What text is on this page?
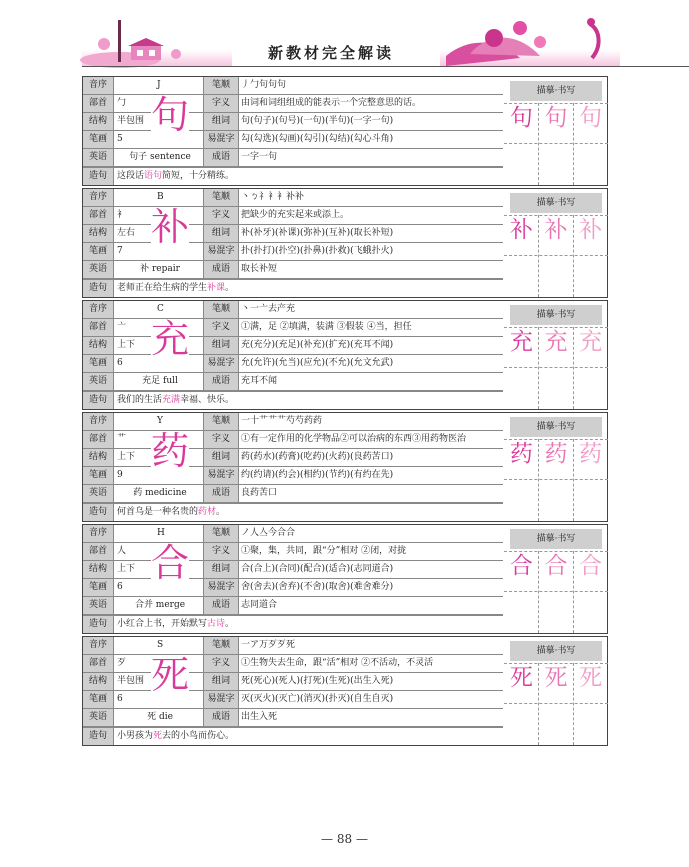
新教材完全解读
音序	J	笔顺	丿勹句句句
部首	勹	字义	由词和词组组成的能表示一个完整意思的话。
结构	半包围	组词	句(句子)(句号)(一句)(半句)(一字一句)
笔画	5	易混字 勾(勾选)(勾画)(勾引)(勾结)(勾心斗角)
英语	句子 sentence	成语	一字一句
句
造句	这段话语句简短，十分精练。
描摹·书写
句 句 句
音序	B	笔顺	丶ㄅ礻衤衤补补
部首	衤	字义	把缺少的充实起来或添上。
结构	左右	组词	补(补牙)(补课)(弥补)(互补)(取长补短)
笔画	7	易混字 扑(扑打)(扑空)(扑鼻)(扑救)(飞蛾扑火)
英语	补 repair	成语	取长补短
补
造句	老师正在给生病的学生补课。
描摹·书写
补 补 补
音序	C	笔顺	丶一亠去产充
部首	亠	字义	①满，足 ②填满，装满 ③假装 ④当，担任
结构	上下	组词	充(充分)(充足)(补充)(扩充)(充耳不闻)
笔画	6	易混字 允(允许)(允当)(应允)(不允)(允文允武)
英语	充足 full	成语	充耳不闻
充
造句	我们的生活充满幸福、快乐。
描摹·书写
充 充 充
音序	Y	笔顺	一十艹艹艹芍芍药药
部首	艹	字义	①有一定作用的化学物品②可以治病的东西③用药物医治
结构	上下	组词	药(药水)(药膏)(吃药)(火药)(良药苦口)
笔画	9	易混字 约(约请)(约会)(相约)(节约)(有约在先)
英语	药 medicine	成语	良药苦口
药
造句	何首乌是一种名贵的药材。
描摹·书写
药 药 药
音序	H	笔顺	ノ人亼今合合
部首	人	字义	①聚，集，共同，跟“分”相对 ②闭，对拢
结构	上下	组词	合(合上)(合同)(配合)(适合)(志同道合)
笔画	6	易混字 舍(舍去)(舍弃)(不舍)(取舍)(难舍难分)
英语	合并 merge	成语	志同道合
合
造句	小红合上书，开始默写古诗。
描摹·书写
合 合 合
音序	S	笔顺	一ア万歹歹死
部首	歹	字义	①生物失去生命，跟“活”相对 ②不活动，不灵活
结构	半包围	组词	死(死心)(死人)(打死)(生死)(出生入死)
笔画	6	易混字 灭(灭火)(灭亡)(消灭)(扑灭)(自生自灭)
英语	死 die	成语	出生入死
死
造句	小男孩为死去的小鸟而伤心。
描摹·书写
死 死 死
— 88 —
